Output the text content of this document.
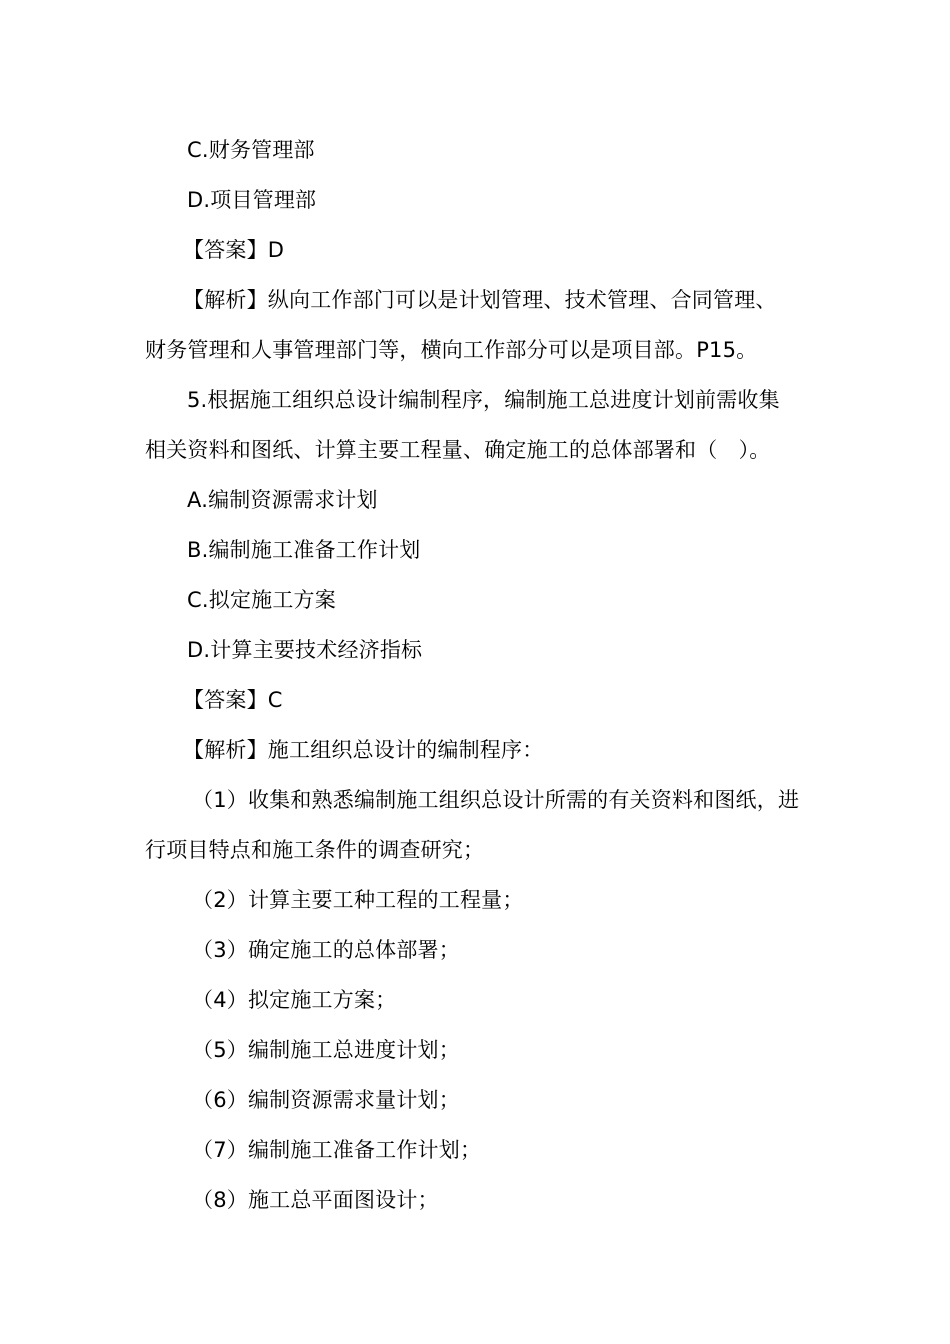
C.财务管理部
D.项目管理部
【答案】D
【解析】纵向工作部门可以是计划管理、技术管理、合同管理、
财务管理和人事管理部门等，横向工作部分可以是项目部。P15。
5.根据施工组织总设计编制程序，编制施工总进度计划前需收集
相关资料和图纸、计算主要工程量、确定施工的总体部署和（　）。
A.编制资源需求计划
B.编制施工准备工作计划
C.拟定施工方案
D.计算主要技术经济指标
【答案】C
【解析】施工组织总设计的编制程序：
（1）收集和熟悉编制施工组织总设计所需的有关资料和图纸，进
行项目特点和施工条件的调查研究；
（2）计算主要工种工程的工程量；
（3）确定施工的总体部署；
（4）拟定施工方案；
（5）编制施工总进度计划；
（6）编制资源需求量计划；
（7）编制施工准备工作计划；
（8）施工总平面图设计；
